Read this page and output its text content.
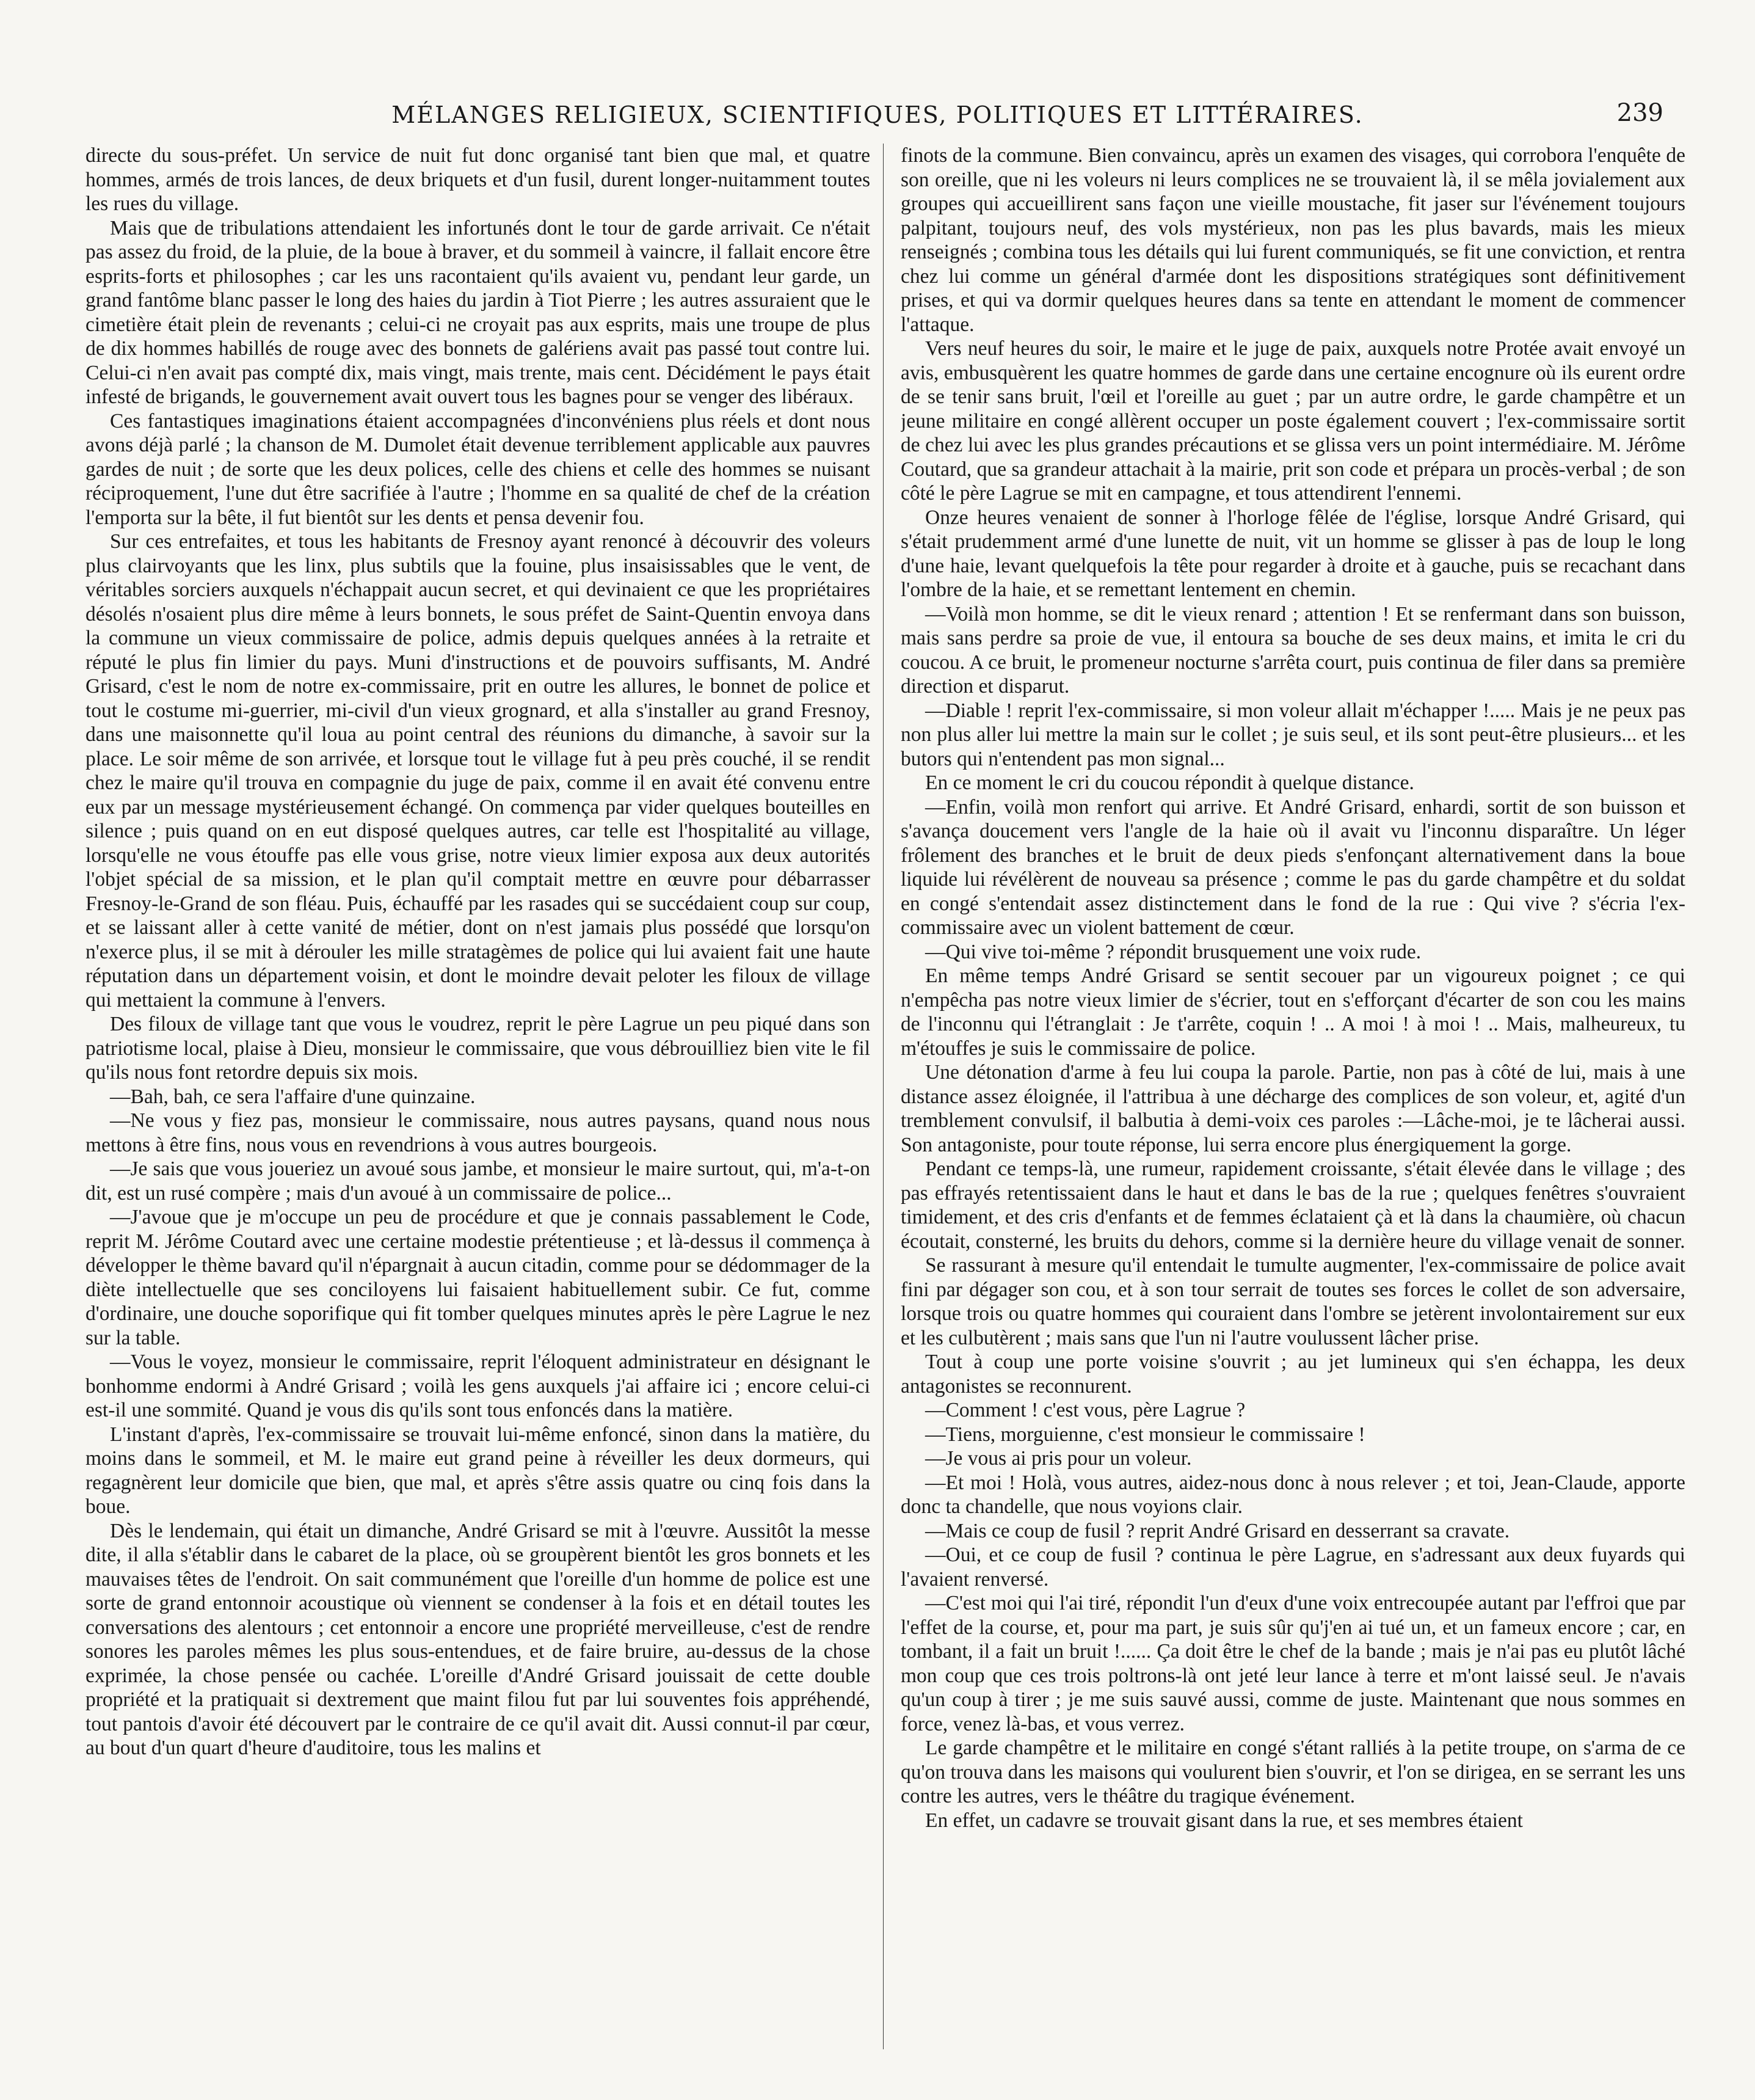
MÉLANGES RELIGIEUX, SCIENTIFIQUES, POLITIQUES ET LITTÉRAIRES.	239

directe du sous-préfet. Un service de nuit fut donc organisé tant bien que mal, et quatre hommes, armés de trois lances, de deux briquets et d'un fusil, durent longer-nuitamment toutes les rues du village.

Mais que de tribulations attendaient les infortunés dont le tour de garde arrivait. Ce n'était pas assez du froid, de la pluie, de la boue à braver, et du sommeil à vaincre, il fallait encore être esprits-forts et philosophes ; car les uns racontaient qu'ils avaient vu, pendant leur garde, un grand fantôme blanc passer le long des haies du jardin à Tiot Pierre ; les autres assuraient que le cimetière était plein de revenants ; celui-ci ne croyait pas aux esprits, mais une troupe de plus de dix hommes habillés de rouge avec des bonnets de galériens avait pas passé tout contre lui. Celui-ci n'en avait pas compté dix, mais vingt, mais trente, mais cent. Décidément le pays était infesté de brigands, le gouvernement avait ouvert tous les bagnes pour se venger des libéraux.

Ces fantastiques imaginations étaient accompagnées d'inconvéniens plus réels et dont nous avons déjà parlé ; la chanson de M. Dumolet était devenue terriblement applicable aux pauvres gardes de nuit ; de sorte que les deux polices, celle des chiens et celle des hommes se nuisant réciproquement, l'une dut être sacrifiée à l'autre ; l'homme en sa qualité de chef de la création l'emporta sur la bête, il fut bientôt sur les dents et pensa devenir fou.

Sur ces entrefaites, et tous les habitants de Fresnoy ayant renoncé à découvrir des voleurs plus clairvoyants que les linx, plus subtils que la fouine, plus insaisissables que le vent, de véritables sorciers auxquels n'échappait aucun secret, et qui devinaient ce que les propriétaires désolés n'osaient plus dire même à leurs bonnets, le sous préfet de Saint-Quentin envoya dans la commune un vieux commissaire de police, admis depuis quelques années à la retraite et réputé le plus fin limier du pays. Muni d'instructions et de pouvoirs suffisants, M. André Grisard, c'est le nom de notre ex-commissaire, prit en outre les allures, le bonnet de police et tout le costume mi-guerrier, mi-civil d'un vieux grognard, et alla s'installer au grand Fresnoy, dans une maisonnette qu'il loua au point central des réunions du dimanche, à savoir sur la place. Le soir même de son arrivée, et lorsque tout le village fut à peu près couché, il se rendit chez le maire qu'il trouva en compagnie du juge de paix, comme il en avait été convenu entre eux par un message mystérieusement échangé. On commença par vider quelques bouteilles en silence ; puis quand on en eut disposé quelques autres, car telle est l'hospitalité au village, lorsqu'elle ne vous étouffe pas elle vous grise, notre vieux limier exposa aux deux autorités l'objet spécial de sa mission, et le plan qu'il comptait mettre en œuvre pour débarrasser Fresnoy-le-Grand de son fléau. Puis, échauffé par les rasades qui se succédaient coup sur coup, et se laissant aller à cette vanité de métier, dont on n'est jamais plus possédé que lorsqu'on n'exerce plus, il se mit à dérouler les mille stratagèmes de police qui lui avaient fait une haute réputation dans un département voisin, et dont le moindre devait peloter les filoux de village qui mettaient la commune à l'envers.

Des filoux de village tant que vous le voudrez, reprit le père Lagrue un peu piqué dans son patriotisme local, plaise à Dieu, monsieur le commissaire, que vous débrouilliez bien vite le fil qu'ils nous font retordre depuis six mois.

—Bah, bah, ce sera l'affaire d'une quinzaine.

—Ne vous y fiez pas, monsieur le commissaire, nous autres paysans, quand nous nous mettons à être fins, nous vous en revendrions à vous autres bourgeois.

—Je sais que vous joueriez un avoué sous jambe, et monsieur le maire surtout, qui, m'a-t-on dit, est un rusé compère ; mais d'un avoué à un commissaire de police...

—J'avoue que je m'occupe un peu de procédure et que je connais passablement le Code, reprit M. Jérôme Coutard avec une certaine modestie prétentieuse ; et là-dessus il commença à développer le thème bavard qu'il n'épargnait à aucun citadin, comme pour se dédommager de la diète intellectuelle que ses conciloyens lui faisaient habituellement subir. Ce fut, comme d'ordinaire, une douche soporifique qui fit tomber quelques minutes après le père Lagrue le nez sur la table.

—Vous le voyez, monsieur le commissaire, reprit l'éloquent administrateur en désignant le bonhomme endormi à André Grisard ; voilà les gens auxquels j'ai affaire ici ; encore celui-ci est-il une sommité. Quand je vous dis qu'ils sont tous enfoncés dans la matière.

L'instant d'après, l'ex-commissaire se trouvait lui-même enfoncé, sinon dans la matière, du moins dans le sommeil, et M. le maire eut grand peine à réveiller les deux dormeurs, qui regagnèrent leur domicile que bien, que mal, et après s'être assis quatre ou cinq fois dans la boue.

Dès le lendemain, qui était un dimanche, André Grisard se mit à l'œuvre. Aussitôt la messe dite, il alla s'établir dans le cabaret de la place, où se groupèrent bientôt les gros bonnets et les mauvaises têtes de l'endroit. On sait communément que l'oreille d'un homme de police est une sorte de grand entonnoir acoustique où viennent se condenser à la fois et en détail toutes les conversations des alentours ; cet entonnoir a encore une propriété merveilleuse, c'est de rendre sonores les paroles mêmes les plus sous-entendues, et de faire bruire, au-dessus de la chose exprimée, la chose pensée ou cachée. L'oreille d'André Grisard jouissait de cette double propriété et la pratiquait si dextrement que maint filou fut par lui souventes fois appréhendé, tout pantois d'avoir été découvert par le contraire de ce qu'il avait dit. Aussi connut-il par cœur, au bout d'un quart d'heure d'auditoire, tous les malins et

finots de la commune. Bien convaincu, après un examen des visages, qui corrobora l'enquête de son oreille, que ni les voleurs ni leurs complices ne se trouvaient là, il se mêla jovialement aux groupes qui accueillirent sans façon une vieille moustache, fit jaser sur l'événement toujours palpitant, toujours neuf, des vols mystérieux, non pas les plus bavards, mais les mieux renseignés ; combina tous les détails qui lui furent communiqués, se fit une conviction, et rentra chez lui comme un général d'armée dont les dispositions stratégiques sont définitivement prises, et qui va dormir quelques heures dans sa tente en attendant le moment de commencer l'attaque.

Vers neuf heures du soir, le maire et le juge de paix, auxquels notre Protée avait envoyé un avis, embusquèrent les quatre hommes de garde dans une certaine encognure où ils eurent ordre de se tenir sans bruit, l'œil et l'oreille au guet ; par un autre ordre, le garde champêtre et un jeune militaire en congé allèrent occuper un poste également couvert ; l'ex-commissaire sortit de chez lui avec les plus grandes précautions et se glissa vers un point intermédiaire. M. Jérôme Coutard, que sa grandeur attachait à la mairie, prit son code et prépara un procès-verbal ; de son côté le père Lagrue se mit en campagne, et tous attendirent l'ennemi.

Onze heures venaient de sonner à l'horloge fêlée de l'église, lorsque André Grisard, qui s'était prudemment armé d'une lunette de nuit, vit un homme se glisser à pas de loup le long d'une haie, levant quelquefois la tête pour regarder à droite et à gauche, puis se recachant dans l'ombre de la haie, et se remettant lentement en chemin.

—Voilà mon homme, se dit le vieux renard ; attention ! Et se renfermant dans son buisson, mais sans perdre sa proie de vue, il entoura sa bouche de ses deux mains, et imita le cri du coucou. A ce bruit, le promeneur nocturne s'arrêta court, puis continua de filer dans sa première direction et disparut.

—Diable ! reprit l'ex-commissaire, si mon voleur allait m'échapper !..... Mais je ne peux pas non plus aller lui mettre la main sur le collet ; je suis seul, et ils sont peut-être plusieurs... et les butors qui n'entendent pas mon signal...

En ce moment le cri du coucou répondit à quelque distance.

—Enfin, voilà mon renfort qui arrive. Et André Grisard, enhardi, sortit de son buisson et s'avança doucement vers l'angle de la haie où il avait vu l'inconnu disparaître. Un léger frôlement des branches et le bruit de deux pieds s'enfonçant alternativement dans la boue liquide lui révélèrent de nouveau sa présence ; comme le pas du garde champêtre et du soldat en congé s'entendait assez distinctement dans le fond de la rue : Qui vive ? s'écria l'ex-commissaire avec un violent battement de cœur.

—Qui vive toi-même ? répondit brusquement une voix rude.

En même temps André Grisard se sentit secouer par un vigoureux poignet ; ce qui n'empêcha pas notre vieux limier de s'écrier, tout en s'efforçant d'écarter de son cou les mains de l'inconnu qui l'étranglait : Je t'arrête, coquin ! .. A moi ! à moi ! .. Mais, malheureux, tu m'étouffes je suis le commissaire de police.

Une détonation d'arme à feu lui coupa la parole. Partie, non pas à côté de lui, mais à une distance assez éloignée, il l'attribua à une décharge des complices de son voleur, et, agité d'un tremblement convulsif, il balbutia à demi-voix ces paroles :—Lâche-moi, je te lâcherai aussi. Son antagoniste, pour toute réponse, lui serra encore plus énergiquement la gorge.

Pendant ce temps-là, une rumeur, rapidement croissante, s'était élevée dans le village ; des pas effrayés retentissaient dans le haut et dans le bas de la rue ; quelques fenêtres s'ouvraient timidement, et des cris d'enfants et de femmes éclataient çà et là dans la chaumière, où chacun écoutait, consterné, les bruits du dehors, comme si la dernière heure du village venait de sonner.

Se rassurant à mesure qu'il entendait le tumulte augmenter, l'ex-commissaire de police avait fini par dégager son cou, et à son tour serrait de toutes ses forces le collet de son adversaire, lorsque trois ou quatre hommes qui couraient dans l'ombre se jetèrent involontairement sur eux et les culbutèrent ; mais sans que l'un ni l'autre voulussent lâcher prise.

Tout à coup une porte voisine s'ouvrit ; au jet lumineux qui s'en échappa, les deux antagonistes se reconnurent.

—Comment ! c'est vous, père Lagrue ?

—Tiens, morguienne, c'est monsieur le commissaire !

—Je vous ai pris pour un voleur.

—Et moi ! Holà, vous autres, aidez-nous donc à nous relever ; et toi, Jean-Claude, apporte donc ta chandelle, que nous voyions clair.

—Mais ce coup de fusil ? reprit André Grisard en desserrant sa cravate.

—Oui, et ce coup de fusil ? continua le père Lagrue, en s'adressant aux deux fuyards qui l'avaient renversé.

—C'est moi qui l'ai tiré, répondit l'un d'eux d'une voix entrecoupée autant par l'effroi que par l'effet de la course, et, pour ma part, je suis sûr qu'j'en ai tué un, et un fameux encore ; car, en tombant, il a fait un bruit !...... Ça doit être le chef de la bande ; mais je n'ai pas eu plutôt lâché mon coup que ces trois poltrons-là ont jeté leur lance à terre et m'ont laissé seul. Je n'avais qu'un coup à tirer ; je me suis sauvé aussi, comme de juste. Maintenant que nous sommes en force, venez là-bas, et vous verrez.

Le garde champêtre et le militaire en congé s'étant ralliés à la petite troupe, on s'arma de ce qu'on trouva dans les maisons qui voulurent bien s'ouvrir, et l'on se dirigea, en se serrant les uns contre les autres, vers le théâtre du tragique événement.

En effet, un cadavre se trouvait gisant dans la rue, et ses membres étaient
